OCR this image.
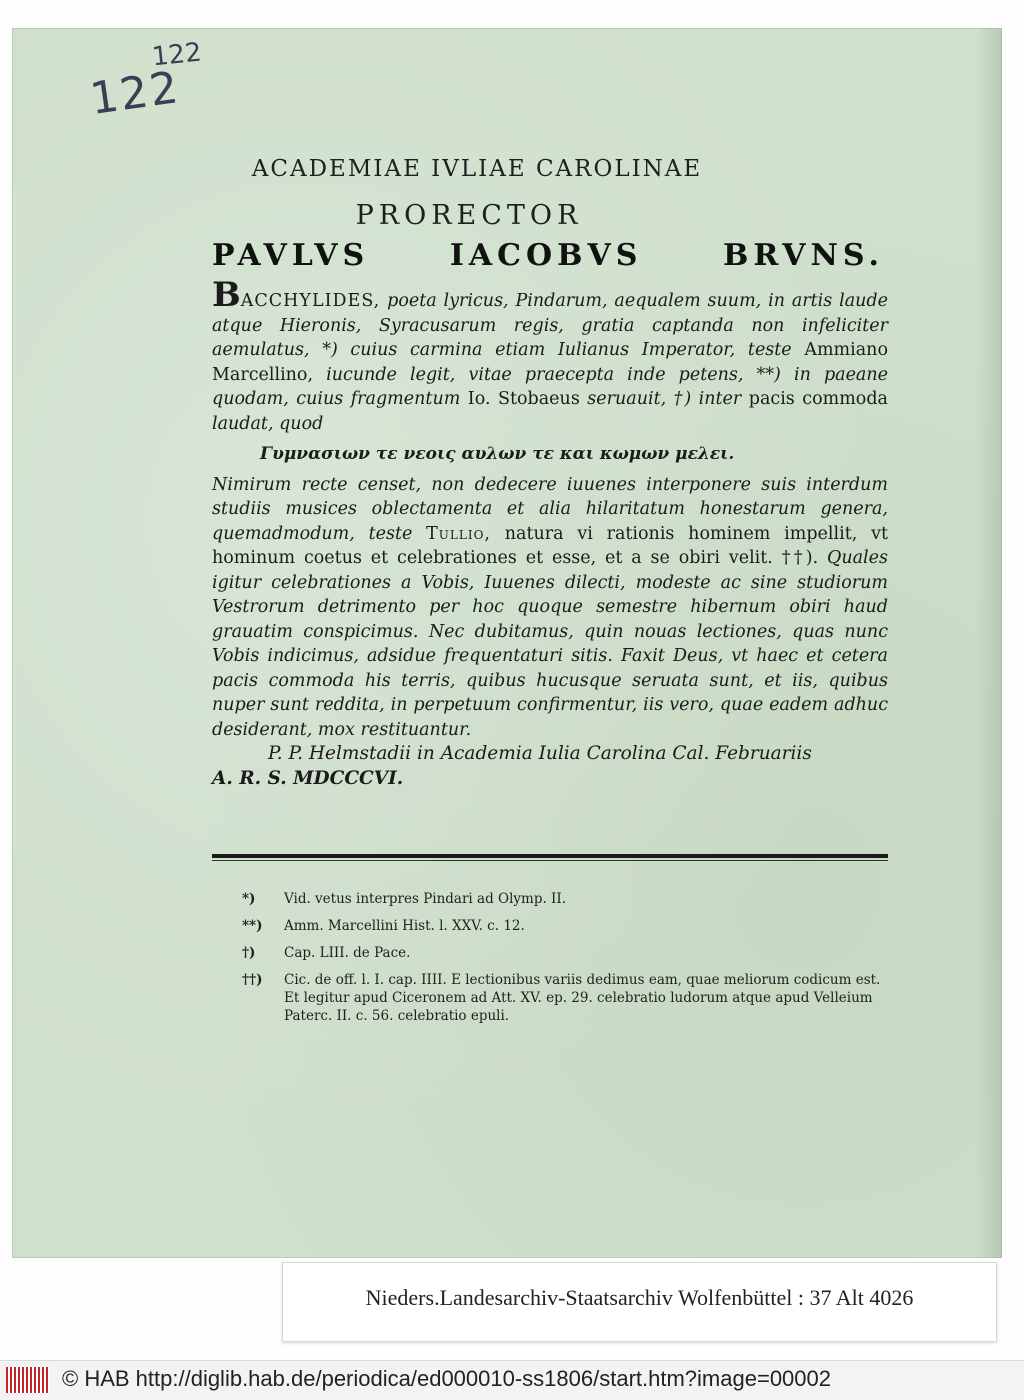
122
122
ACADEMIAE IVLIAE CAROLINAE
PRORECTOR
PAVLVS	IACOBVS	BRVNS.

BACCHYLIDES, poeta lyricus, Pindarum, aequalem suum, in artis laude atque Hieronis, Syracusarum regis, gratia captanda non infeliciter aemulatus, *) cuius carmina etiam Iulianus Imperator, teste Ammiano Marcellino, iucunde legit, vitae praecepta inde petens, **) in paeane quodam, cuius fragmentum Io. Stobaeus seruauit, †) inter pacis commoda laudat, quod

Γυμνασιων τε νεοις αυλων τε και κωμων μελει.

Nimirum recte censet, non dedecere iuuenes interponere suis interdum studiis musices oblectamenta et alia hilaritatum honestarum genera, quemadmodum, teste Tullio, natura vi rationis hominem impellit, vt hominum coetus et celebrationes et esse, et a se obiri velit. ††). Quales igitur celebrationes a Vobis, Iuuenes dilecti, modeste ac sine studiorum Vestrorum detrimento per hoc quoque semestre hibernum obiri haud grauatim conspicimus. Nec dubitamus, quin nouas lectiones, quas nunc Vobis indicimus, adsidue frequentaturi sitis. Faxit Deus, vt haec et cetera pacis commoda his terris, quibus hucusque seruata sunt, et iis, quibus nuper sunt reddita, in perpetuum confirmentur, iis vero, quae eadem adhuc desiderant, mox restituantur.

P. P. Helmstadii in Academia Iulia Carolina Cal. Februariis

A. R. S. MDCCCVI.

*)	Vid. vetus interpres Pindari ad Olymp. II.
**)	Amm. Marcellini Hist. l. XXV. c. 12.
†)	Cap. LIII. de Pace.
††)	Cic. de off. l. I. cap. IIII. E lectionibus variis dedimus eam, quae meliorum codicum est. Et legitur apud Ciceronem ad Att. XV. ep. 29. celebratio ludorum atque apud Velleium Paterc. II. c. 56. celebratio epuli.
Nieders.Landesarchiv-Staatsarchiv Wolfenbüttel : 37 Alt 4026
© HAB http://diglib.hab.de/periodica/ed000010-ss1806/start.htm?image=00002
